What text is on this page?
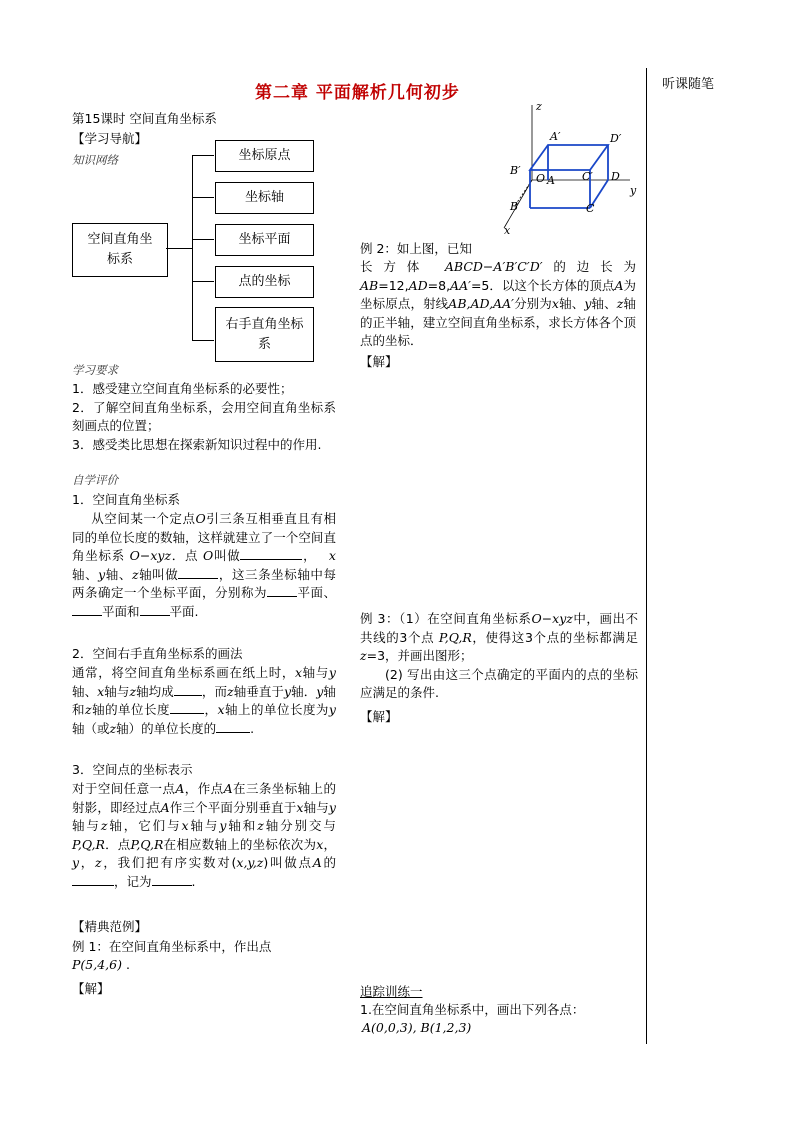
第二章 平面解析几何初步	听课随笔
第15课时 空间直角坐标系
【学习导航】
知识网络
空间直角坐标系
坐标原点
坐标轴
坐标平面
点的坐标
右手直角坐标系
学习要求
1．感受建立空间直角坐标系的必要性；
2．了解空间直角坐标系，会用空间直角坐标系刻画点的位置；
3．感受类比思想在探索新知识过程中的作用.
自学评价
1．空间直角坐标系
  从空间某一个定点O引三条互相垂直且有相同的单位长度的数轴，这样就建立了一个空间直角坐标系 O−xyz．点 O叫做	， x轴、y轴、z轴叫做	，这三条坐标轴中每两条确定一个坐标平面，分别称为 平面、平面和 平面.
2．空间右手直角坐标系的画法
通常，将空间直角坐标系画在纸上时，x轴与y轴、x轴与z轴均成 ，而z轴垂直于y轴．y轴和z轴的单位长度	，x轴上的单位长度为y轴（或z轴）的单位长度的	.
3．空间点的坐标表示
对于空间任意一点A，作点A在三条坐标轴上的射影，即经过点A作三个平面分别垂直于x轴与y轴与z轴，它们与x轴与y轴和z轴分别交与P,Q,R．点P,Q,R在相应数轴上的坐标依次为x，y，z，我们把有序实数对(x,y,z)叫做点A的，记为	.
【精典范例】
例 1：在空间直角坐标系中，作出点
P(5,4,6) .
【解】
z
A′	D′
B′
O A C′ D
y
B	C
x
例 2：如上图，已知
长方体 ABCD−A′B′C′D′的边长为 AB=12,AD=8,AA′=5．以这个长方体的顶点A为坐标原点，射线AB,AD,AA′分别为x轴、y轴、z轴的正半轴，建立空间直角坐标系，求长方体各个顶点的坐标．
【解】
例 3：（1）在空间直角坐标系O−xyz中，画出不共线的3个点 P,Q,R，使得这3个点的坐标都满足z=3，并画出图形；
  (2) 写出由这三个点确定的平面内的点的坐标应满足的条件.
【解】
追踪训练一
1.在空间直角坐标系中，画出下列各点：
A(0,0,3), B(1,2,3)
